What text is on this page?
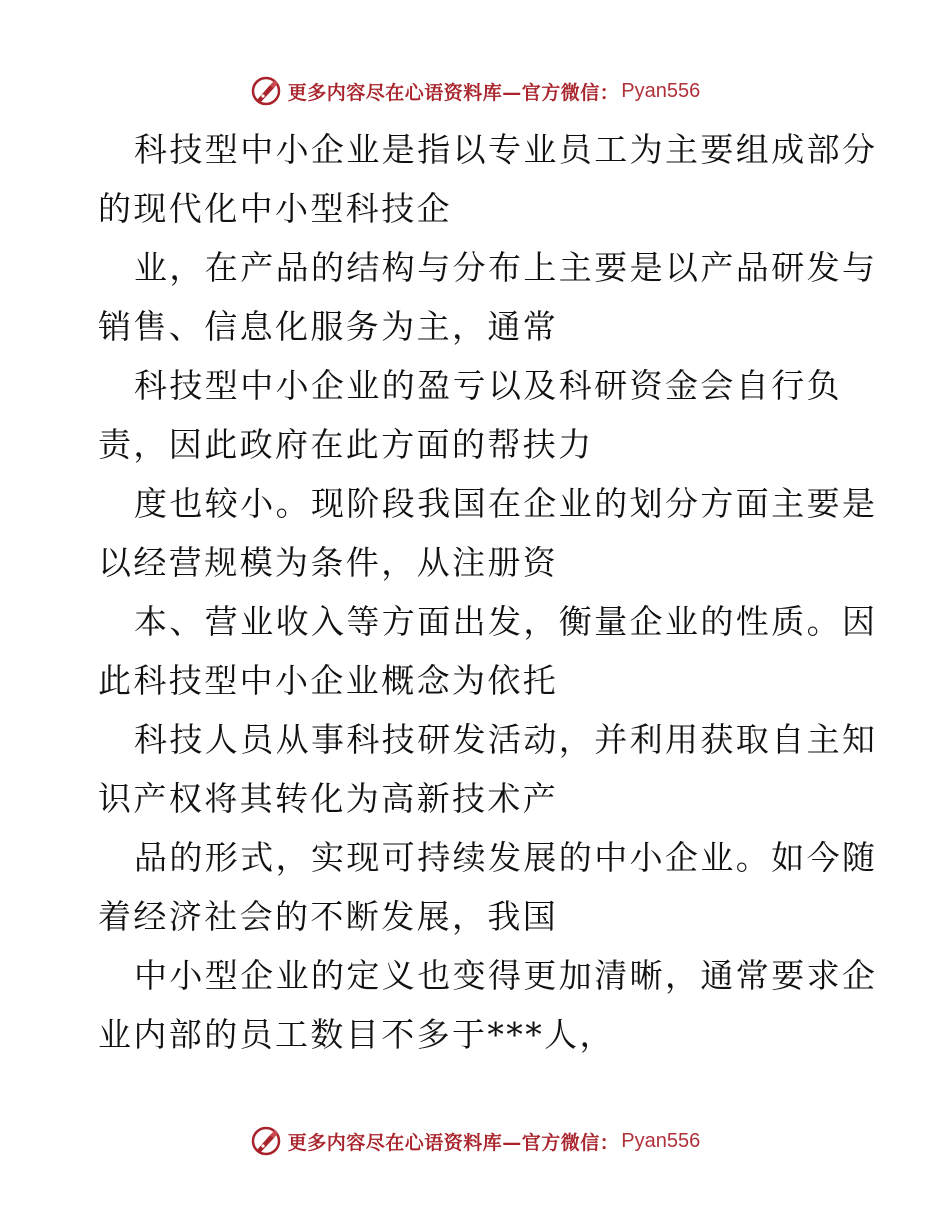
更多内容尽在心语资料库—官方微信： Pyan556
科技型中小企业是指以专业员工为主要组成部分
的现代化中小型科技企
业，在产品的结构与分布上主要是以产品研发与
销售、信息化服务为主，通常
科技型中小企业的盈亏以及科研资金会自行负
责，因此政府在此方面的帮扶力
度也较小。现阶段我国在企业的划分方面主要是
以经营规模为条件，从注册资
本、营业收入等方面出发，衡量企业的性质。因
此科技型中小企业概念为依托
科技人员从事科技研发活动，并利用获取自主知
识产权将其转化为高新技术产
品的形式，实现可持续发展的中小企业。如今随
着经济社会的不断发展，我国
中小型企业的定义也变得更加清晰，通常要求企
业内部的员工数目不多于***人，
更多内容尽在心语资料库—官方微信： Pyan556
